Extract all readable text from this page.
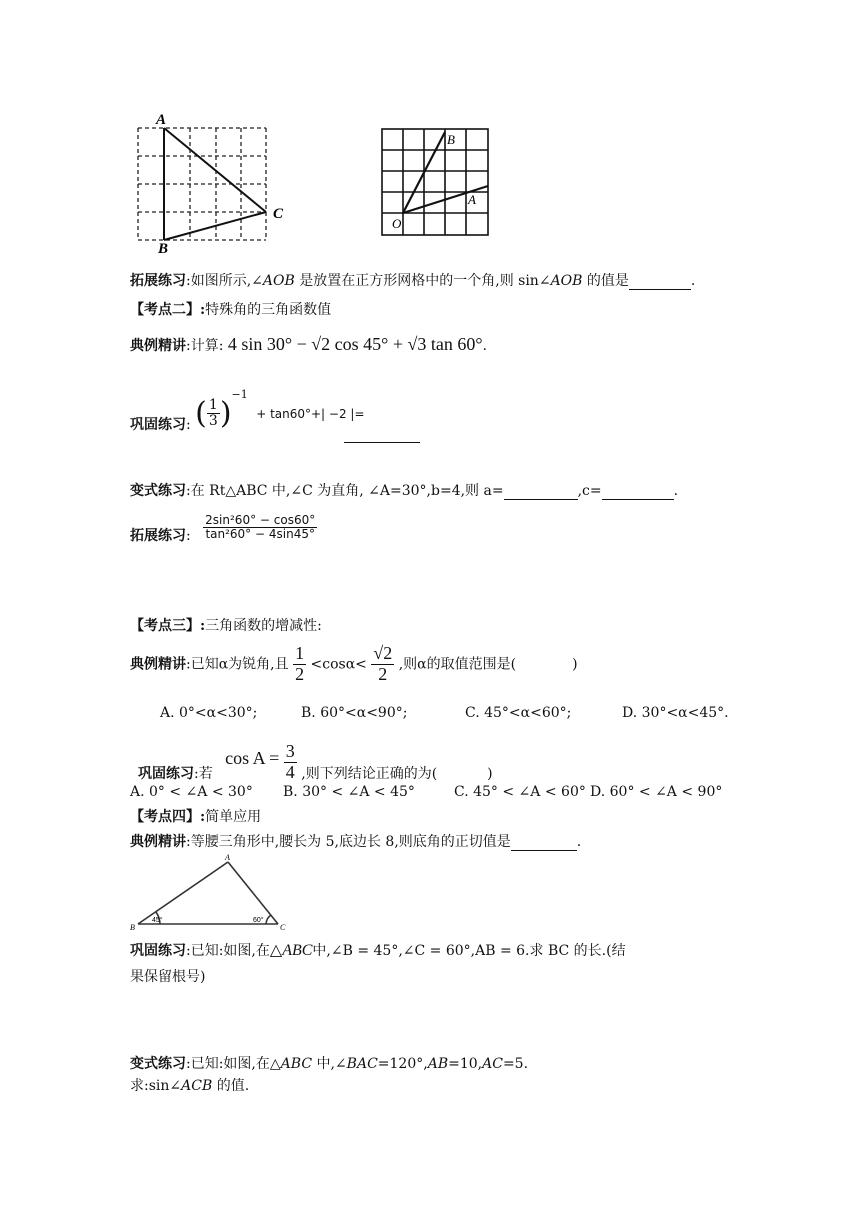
A
C
B
B
A
O
拓展练习:如图所示,∠AOB 是放置在正方形网格中的一个角,则 sin∠AOB 的值是	.
【考点二】:特殊角的三角函数值
典例精讲:计算: 4 sin 30° − √2 cos 45° + √3 tan 60°.
巩固练习: ( $\frac{1}{3} )^{-1} + \tan 60^\circ+| -2$ |=
变式练习:在 Rt△ABC 中,∠C 为直角, ∠A=30°,b=4,则 a=	,c=	.
拓展练习: $\frac{\text{2sin²60° − cos60°}}{\text{tan²60° − 4sin45°}}$
【考点三】:三角函数的增减性:
典例精讲:已知α为锐角,且 $\frac{1}{2} <\cos\alpha< \frac{√2}{2}$ ,则α的取值范围是(	)
A. 0°<α<30°;	B. 60°<α<90°;	C. 45°<α<60°;	D. 30°<α<45°.
巩固练习:若 $\cos A = \frac{3}{4}$ ,则下列结论正确的为(	)
A. 0° < ∠A < 30° B. 30° < ∠A < 45°	C. 45° < ∠A < 60° D. 60° < ∠A < 90°
【考点四】:简单应用
典例精讲:等腰三角形中,腰长为 5,底边长 8,则底角的正切值是	.
A
B	C
45°	60°
巩固练习:已知:如图,在△ABC中,∠B = 45°,∠C = 60°,AB = 6.求 BC 的长.(结
果保留根号)
变式练习:已知:如图,在△ABC 中,∠BAC=120°,AB=10,AC=5.
求:sin∠ACB 的值.
